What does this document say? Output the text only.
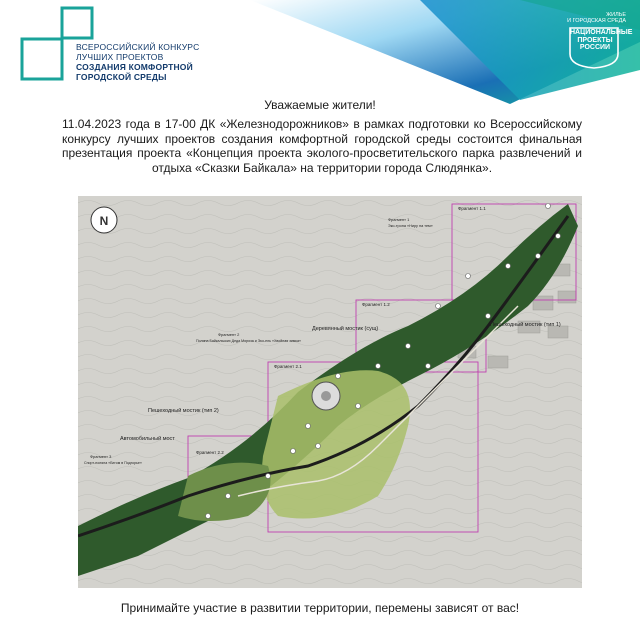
ВСЕРОССИЙСКИЙ КОНКУРС
ЛУЧШИХ ПРОЕКТОВ
СОЗДАНИЯ КОМФОРТНОЙ
ГОРОДСКОЙ СРЕДЫ
ЖИЛЬЕ
И ГОРОДСКАЯ СРЕДА
НАЦИОНАЛЬНЫЕ
ПРОЕКТЫ
РОССИИ
Уважаемые жители!
11.04.2023 года в 17-00 ДК «Железнодорожников» в рамках подготовки ко Всероссийскому конкурсу лучших проектов создания комфортной городской среды состоится финальная презентация проекта «Концепция проекта эколого-просветительского парка развлечений и отдыха «Сказки Байкала» на территории города Слюдянка».
N
Фрагмент 1.1
Фрагмент 1
Эко-тропа «Ниру на тем»
Фрагмент 1.2
Пешеходный мостик (тип 1)
Деревянный мостик (сущ)
Фрагмент 2
Поляна Байкальских Деда Мороза и Эко-ель «Хвойная зимка»
Фрагмент 2.1
Пешеходный мостик (тип 2)
Автомобильный мост
Фрагмент 2.2
Фрагмент 3
Спорт-поляна «Бегом в Подгорье»
Принимайте участие в развитии территории, перемены зависят от вас!
